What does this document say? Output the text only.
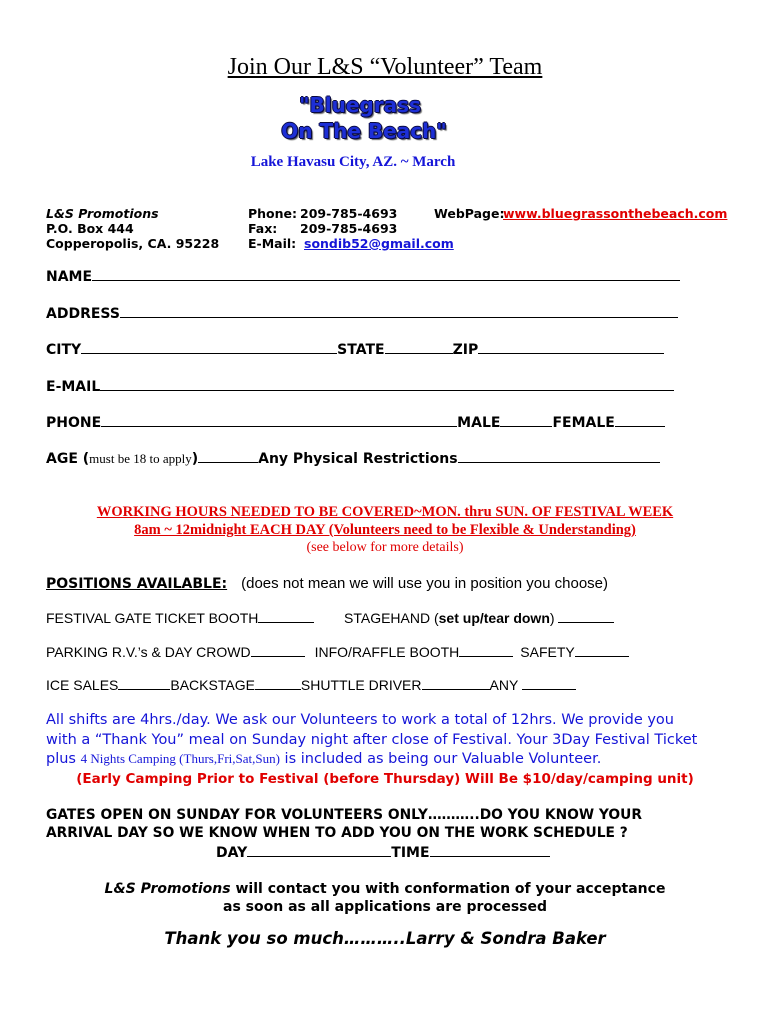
Join Our L&S “Volunteer” Team
"Bluegrass
On The Beach"
Lake Havasu City, AZ. ~ March
L&S Promotions
P.O. Box 444
Copperopolis, CA. 95228
Phone: 209-785-4693
Fax: 209-785-4693
E-Mail: sondib52@gmail.com
WebPage:
www.bluegrassonthebeach.com
NAME
ADDRESS
CITY	STATE	ZIP
E-MAIL
PHONE	MALE	FEMALE
AGE (must be 18 to apply)	Any Physical Restrictions
WORKING HOURS NEEDED TO BE COVERED~MON. thru SUN. OF FESTIVAL WEEK
8am ~ 12midnight EACH DAY (Volunteers need to be Flexible & Understanding)
(see below for more details)
POSITIONS AVAILABLE: (does not mean we will use you in position you choose)
FESTIVAL GATE TICKET BOOTH	STAGEHAND (set up/tear down)
PARKING R.V.’s & DAY CROWD	INFO/RAFFLE BOOTH	SAFETY
ICE SALES	BACKSTAGE	SHUTTLE DRIVER	ANY
All shifts are 4hrs./day. We ask our Volunteers to work a total of 12hrs. We provide you
with a “Thank You” meal on Sunday night after close of Festival. Your 3Day Festival Ticket
plus 4 Nights Camping (Thurs,Fri,Sat,Sun) is included as being our Valuable Volunteer.
(Early Camping Prior to Festival (before Thursday) Will Be $10/day/camping unit)
GATES OPEN ON SUNDAY FOR VOLUNTEERS ONLY………..DO YOU KNOW YOUR
ARRIVAL DAY SO WE KNOW WHEN TO ADD YOU ON THE WORK SCHEDULE ?
DAY	TIME
L&S Promotions will contact you with conformation of your acceptance
as soon as all applications are processed
Thank you so much………..Larry & Sondra Baker
